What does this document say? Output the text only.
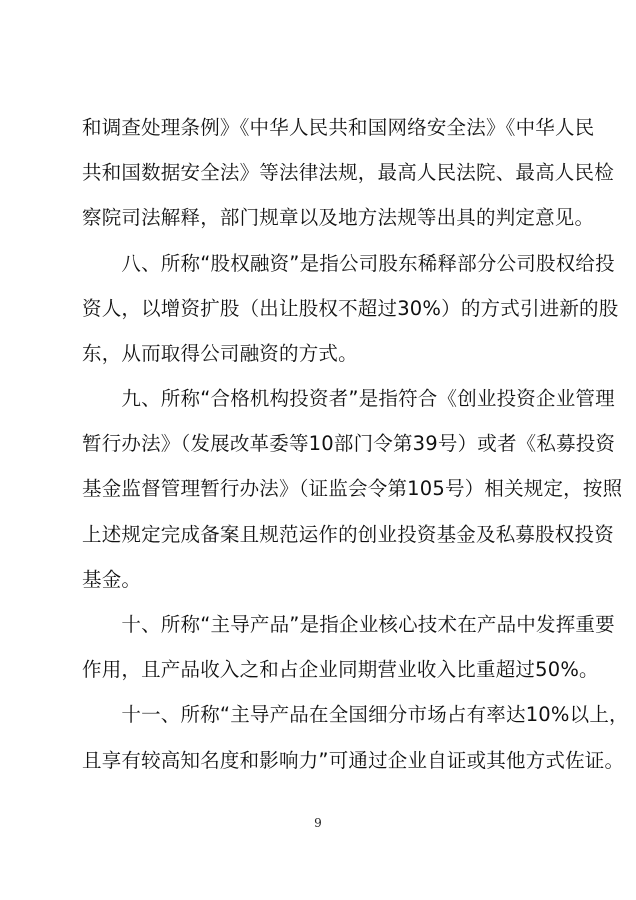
和调查处理条例》《中华人民共和国网络安全法》《中华人民
共和国数据安全法》等法律法规，最高人民法院、最高人民检
察院司法解释，部门规章以及地方法规等出具的判定意见。
　　八、所称“股权融资”是指公司股东稀释部分公司股权给投
资人，以增资扩股（出让股权不超过30%）的方式引进新的股
东，从而取得公司融资的方式。
　　九、所称“合格机构投资者”是指符合《创业投资企业管理
暂行办法》（发展改革委等10部门令第39号）或者《私募投资
基金监督管理暂行办法》（证监会令第105号）相关规定，按照
上述规定完成备案且规范运作的创业投资基金及私募股权投资
基金。
　　十、所称“主导产品”是指企业核心技术在产品中发挥重要
作用，且产品收入之和占企业同期营业收入比重超过50%。
　　十一、所称“主导产品在全国细分市场占有率达10%以上，
且享有较高知名度和影响力”可通过企业自证或其他方式佐证。
9
